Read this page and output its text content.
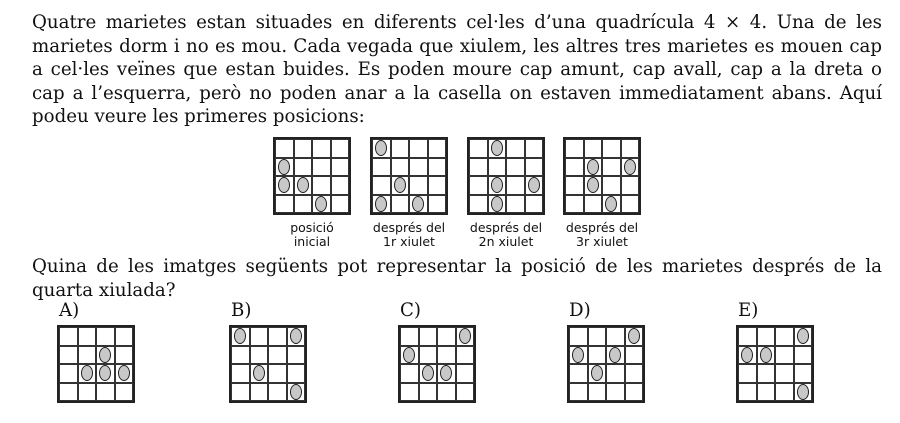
Quatre marietes estan situades en diferents cel·les d’una quadrícula 4 × 4. Una de les marietes dorm i no es mou. Cada vegada que xiulem, les altres tres marietes es mouen cap a cel·les veïnes que estan buides. Es poden moure cap amunt, cap avall, cap a la dreta o cap a l’esquerra, però no poden anar a la casella on estaven immediatament abans. Aquí podeu veure les primeres posicions:

posició
inicial
després del
1r xiulet
després del
2n xiulet
després del
3r xiulet

Quina de les imatges següents pot representar la posició de les marietes després de la quarta xiulada?

A)	B)	C)	D)	E)
